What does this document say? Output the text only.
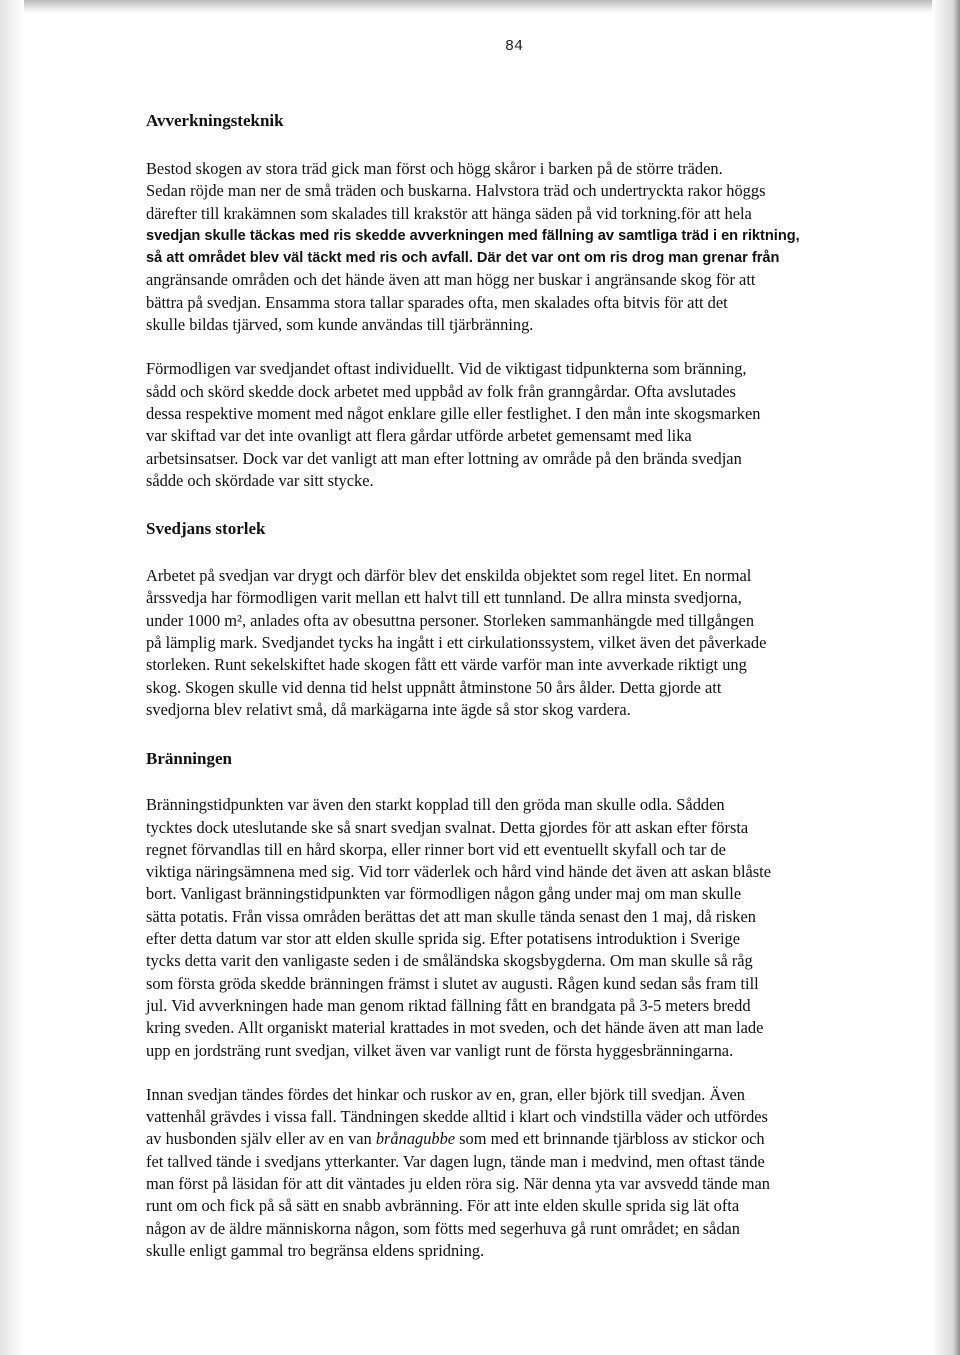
84
Avverkningsteknik

Bestod skogen av stora träd gick man först och högg skåror i barken på de större träden.
Sedan röjde man ner de små träden och buskarna. Halvstora träd och undertryckta rakor höggs
därefter till krakämnen som skalades till krakstör att hänga säden på vid torkning.för att hela
svedjan skulle täckas med ris skedde avverkningen med fällning av samtliga träd i en riktning,
så att området blev väl täckt med ris och avfall. Där det var ont om ris drog man grenar från
angränsande områden och det hände även att man högg ner buskar i angränsande skog för att
bättra på svedjan. Ensamma stora tallar sparades ofta, men skalades ofta bitvis för att det
skulle bildas tjärved, som kunde användas till tjärbränning.

Förmodligen var svedjandet oftast individuellt. Vid de viktigast tidpunkterna som bränning,
sådd och skörd skedde dock arbetet med uppbåd av folk från granngårdar. Ofta avslutades
dessa respektive moment med något enklare gille eller festlighet. I den mån inte skogsmarken
var skiftad var det inte ovanligt att flera gårdar utförde arbetet gemensamt med lika
arbetsinsatser. Dock var det vanligt att man efter lottning av område på den brända svedjan
sådde och skördade var sitt stycke.

Svedjans storlek

Arbetet på svedjan var drygt och därför blev det enskilda objektet som regel litet. En normal
årssvedja har förmodligen varit mellan ett halvt till ett tunnland. De allra minsta svedjorna,
under 1000 m², anlades ofta av obesuttna personer. Storleken sammanhängde med tillgången
på lämplig mark. Svedjandet tycks ha ingått i ett cirkulationssystem, vilket även det påverkade
storleken. Runt sekelskiftet hade skogen fått ett värde varför man inte avverkade riktigt ung
skog. Skogen skulle vid denna tid helst uppnått åtminstone 50 års ålder. Detta gjorde att
svedjorna blev relativt små, då markägarna inte ägde så stor skog vardera.

Bränningen

Bränningstidpunkten var även den starkt kopplad till den gröda man skulle odla. Sådden
tycktes dock uteslutande ske så snart svedjan svalnat. Detta gjordes för att askan efter första
regnet förvandlas till en hård skorpa, eller rinner bort vid ett eventuellt skyfall och tar de
viktiga näringsämnena med sig. Vid torr väderlek och hård vind hände det även att askan blåste
bort. Vanligast bränningstidpunkten var förmodligen någon gång under maj om man skulle
sätta potatis. Från vissa områden berättas det att man skulle tända senast den 1 maj, då risken
efter detta datum var stor att elden skulle sprida sig. Efter potatisens introduktion i Sverige
tycks detta varit den vanligaste seden i de småländska skogsbygderna. Om man skulle så råg
som första gröda skedde bränningen främst i slutet av augusti. Rågen kund sedan sås fram till
jul. Vid avverkningen hade man genom riktad fällning fått en brandgata på 3-5 meters bredd
kring sveden. Allt organiskt material krattades in mot sveden, och det hände även att man lade
upp en jordsträng runt svedjan, vilket även var vanligt runt de första hyggesbränningarna.

Innan svedjan tändes fördes det hinkar och ruskor av en, gran, eller björk till svedjan. Även
vattenhål grävdes i vissa fall. Tändningen skedde alltid i klart och vindstilla väder och utfördes
av husbonden själv eller av en van brånagubbe som med ett brinnande tjärbloss av stickor och
fet tallved tände i svedjans ytterkanter. Var dagen lugn, tände man i medvind, men oftast tände
man först på läsidan för att dit väntades ju elden röra sig. När denna yta var avsvedd tände man
runt om och fick på så sätt en snabb avbränning. För att inte elden skulle sprida sig lät ofta
någon av de äldre människorna någon, som fötts med segerhuva gå runt området; en sådan
skulle enligt gammal tro begränsa eldens spridning.
